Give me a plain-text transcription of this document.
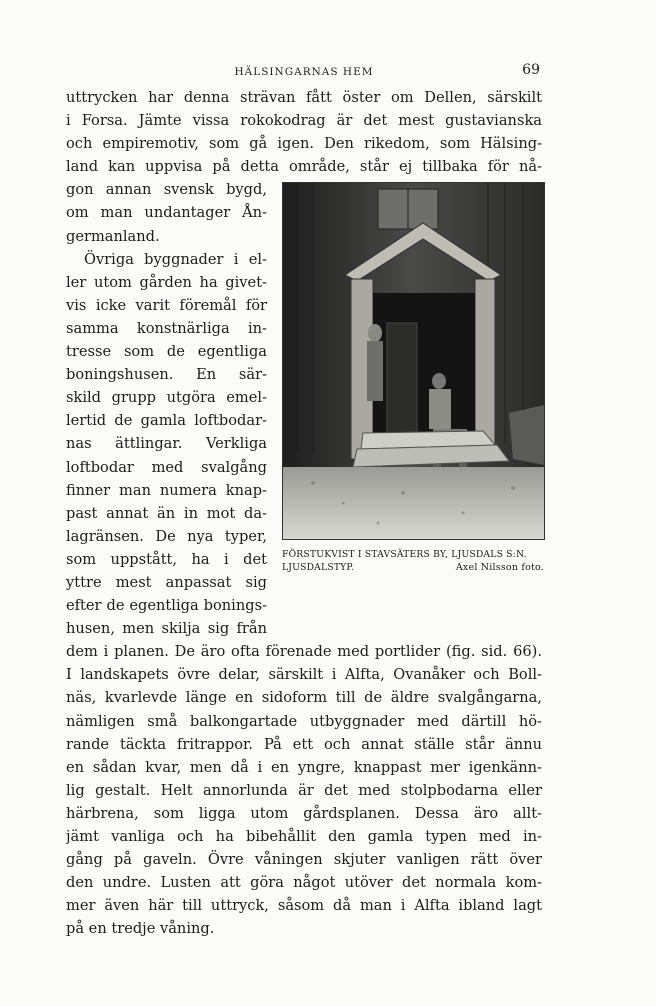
HÄLSINGARNAS HEM	69

uttrycken har denna strävan fått öster om Dellen, särskilt
i Forsa. Jämte vissa rokokodrag är det mest gustavianska
och empiremotiv, som gå igen. Den rikedom, som Hälsing-
land kan uppvisa på detta område, står ej tillbaka för nå-

gon annan svensk bygd,
om man undantager Ån-
germanland.
Övriga byggnader i el-
ler utom gården ha givet-
vis icke varit föremål för
samma konstnärliga in-
tresse som de egentliga
boningshusen. En sär-
skild grupp utgöra emel-
lertid de gamla loftbodar-
nas ättlingar. Verkliga
loftbodar med svalgång
finner man numera knap-
past annat än in mot da-
lagränsen. De nya typer,
som uppstått, ha i det
yttre mest anpassat sig
efter de egentliga bonings-
husen, men skilja sig från
dem i planen. De äro ofta förenade med portlider (fig. sid. 66).
I landskapets övre delar, särskilt i Alfta, Ovanåker och Boll-
näs, kvarlevde länge en sidoform till de äldre svalgångarna,
nämligen små balkongartade utbyggnader med därtill hö-
rande täckta fritrappor. På ett och annat ställe står ännu
en sådan kvar, men då i en yngre, knappast mer igenkänn-
lig gestalt. Helt annorlunda är det med stolpbodarna eller
härbrena, som ligga utom gårdsplanen. Dessa äro allt-
jämt vanliga och ha bibehållit den gamla typen med in-
gång på gaveln. Övre våningen skjuter vanligen rätt över
den undre. Lusten att göra något utöver det normala kom-
mer även här till uttryck, såsom då man i Alfta ibland lagt
på en tredje våning.
FÖRSTUKVIST I STAVSÄTERS BY, LJUSDALS S:N.
LJUSDALSTYP.	Axel Nilsson foto.
